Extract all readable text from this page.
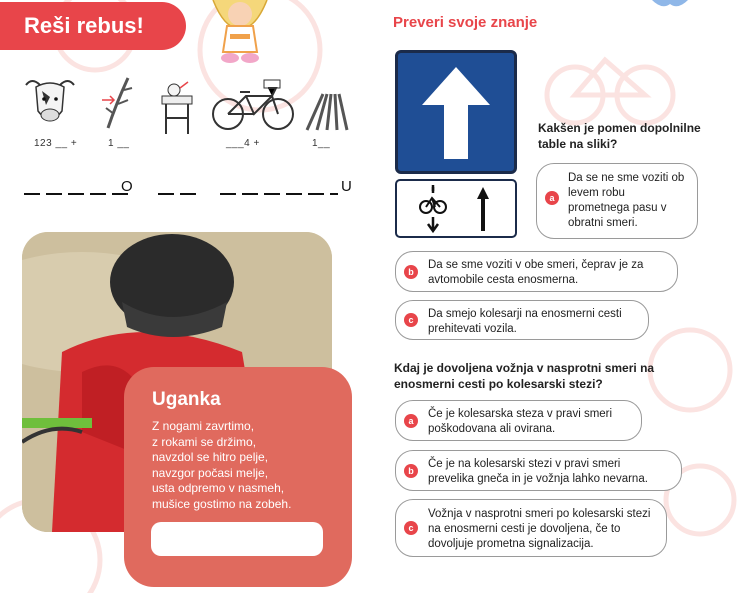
Reši rebus!
123 __ +	1 __	___4 +	1__
O	U
Uganka
Z nogami zavrtimo,
z rokami se držimo,
navzdol se hitro pelje,
navzgor počasi melje,
usta odpremo v nasmeh,
mušice gostimo na zobeh.
Preveri svoje znanje
Kakšen je pomen dopolnilne table na sliki?
a
Da se ne sme voziti ob levem robu prometnega pasu v obratni smeri.
b
Da se sme voziti v obe smeri, čeprav je za avtomobile cesta enosmerna.
c	Da smejo kolesarji na enosmerni cesti prehitevati vozila.
Kdaj je dovoljena vožnja v nasprotni smeri na enosmerni cesti po kolesarski stezi?
a
Če je kolesarska steza v pravi smeri poškodovana ali ovirana.
b
Če je na kolesarski stezi v pravi smeri prevelika gneča in je vožnja lahko nevarna.
c
Vožnja v nasprotni smeri po kolesarski stezi na enosmerni cesti je dovoljena, če to dovoljuje prometna signalizacija.
